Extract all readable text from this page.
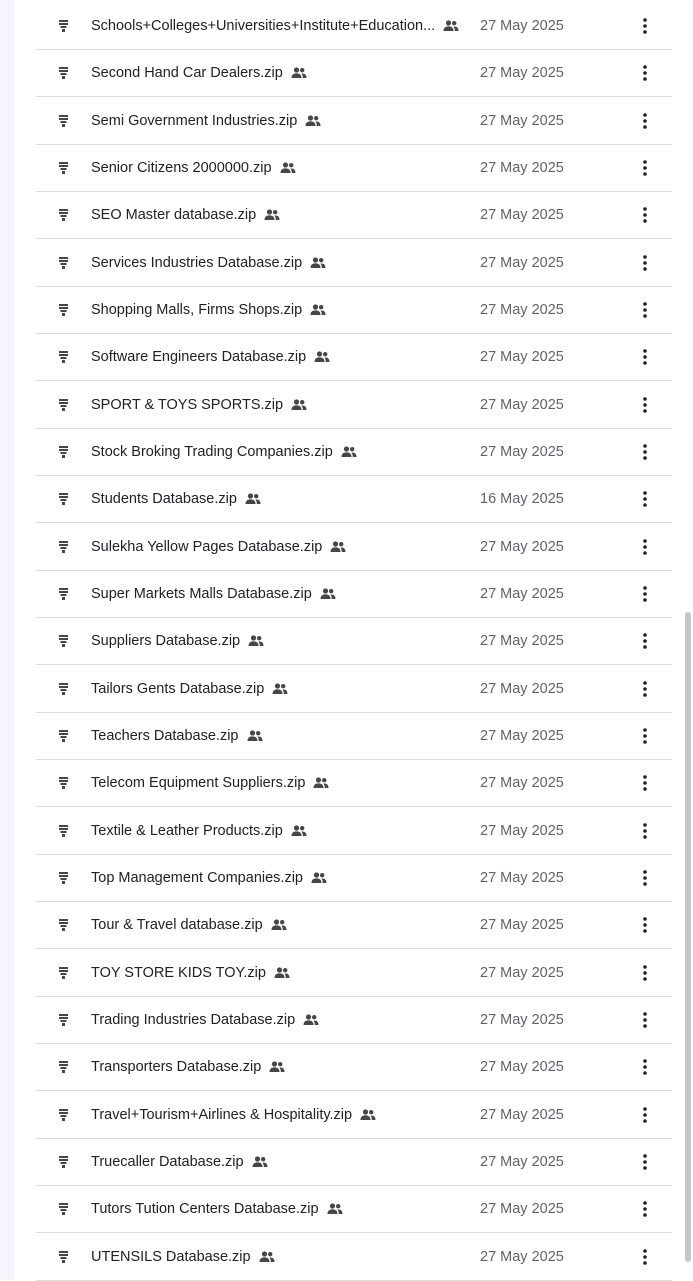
Schools+Colleges+Universities+Institute+Education...	27 May 2025
Second Hand Car Dealers.zip	27 May 2025
Semi Government Industries.zip	27 May 2025
Senior Citizens 2000000.zip	27 May 2025
SEO Master database.zip	27 May 2025
Services Industries Database.zip	27 May 2025
Shopping Malls, Firms Shops.zip	27 May 2025
Software Engineers Database.zip	27 May 2025
SPORT & TOYS SPORTS.zip	27 May 2025
Stock Broking Trading Companies.zip	27 May 2025
Students Database.zip	16 May 2025
Sulekha Yellow Pages Database.zip	27 May 2025
Super Markets Malls Database.zip	27 May 2025
Suppliers Database.zip	27 May 2025
Tailors Gents Database.zip	27 May 2025
Teachers Database.zip	27 May 2025
Telecom Equipment Suppliers.zip	27 May 2025
Textile & Leather Products.zip	27 May 2025
Top Management Companies.zip	27 May 2025
Tour & Travel database.zip	27 May 2025
TOY STORE KIDS TOY.zip	27 May 2025
Trading Industries Database.zip	27 May 2025
Transporters Database.zip	27 May 2025
Travel+Tourism+Airlines & Hospitality.zip	27 May 2025
Truecaller Database.zip	27 May 2025
Tutors Tution Centers Database.zip	27 May 2025
UTENSILS Database.zip	27 May 2025
